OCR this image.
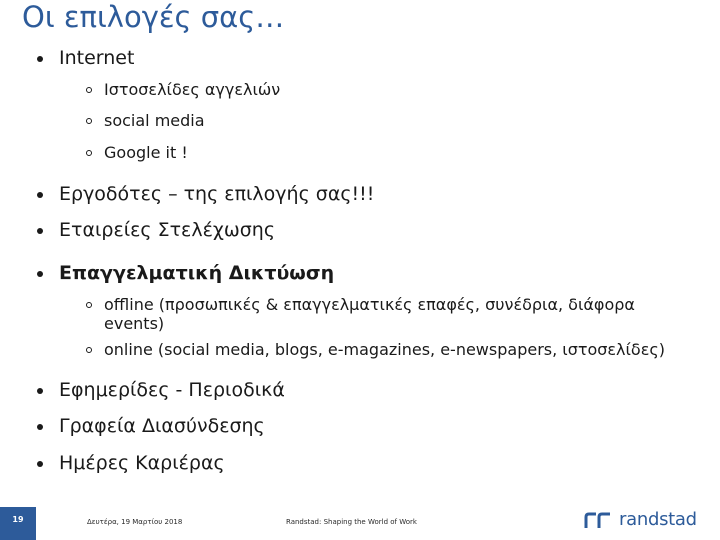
Οι επιλογές σας…
Internet
Ιστοσελίδες αγγελιών
social media
Google it !
Εργοδότες – της επιλογής σας!!!
Εταιρείες Στελέχωσης
Επαγγελματική Δικτύωση
offline (προσωπικές & επαγγελματικές επαφές, συνέδρια, διάφορα events)
online (social media, blogs, e-magazines, e-newspapers, ιστοσελίδες)
Εφημερίδες - Περιοδικά
Γραφεία Διασύνδεσης
Ημέρες Καριέρας
19	Δευτέρα, 19 Μαρτίου 2018	Randstad: Shaping the World of Work	randstad
